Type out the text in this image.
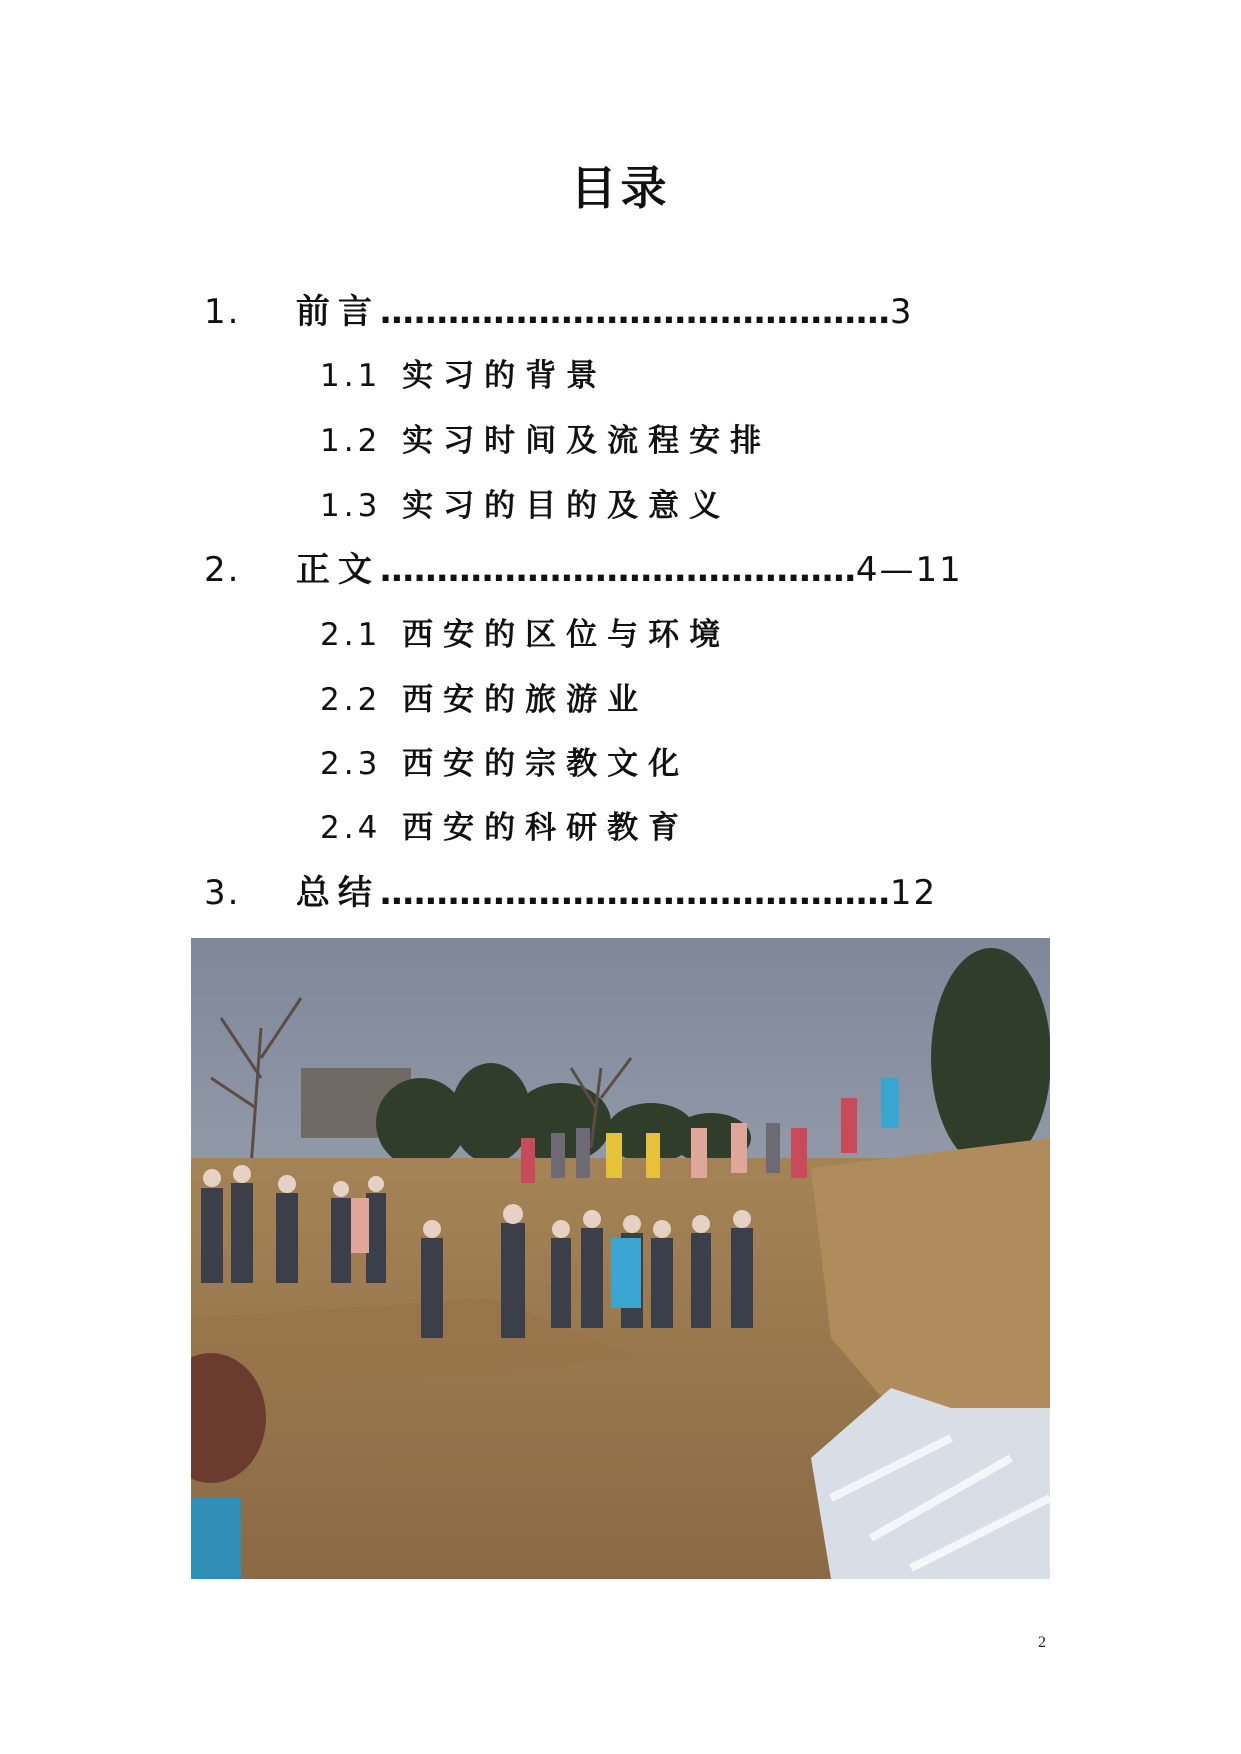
目录
1. 前言………………………………………3
1.1 实习的背景
1.2 实习时间及流程安排
1.3 实习的目的及意义
2. 正文……………………………………4—11
2.1 西安的区位与环境
2.2 西安的旅游业
2.3 西安的宗教文化
2.4 西安的科研教育
3. 总结………………………………………12
2
